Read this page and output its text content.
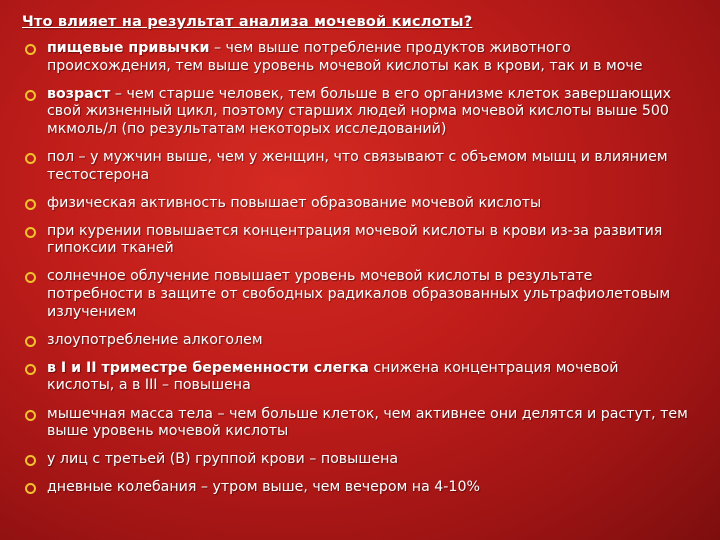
Что влияет на результат анализа мочевой кислоты?
пищевые привычки – чем выше потребление продуктов животного происхождения, тем выше уровень мочевой кислоты как в крови, так и в моче
возраст – чем старше человек, тем больше в его организме клеток завершающих свой жизненный цикл, поэтому старших людей норма мочевой кислоты выше 500 мкмоль/л (по результатам некоторых исследований)
пол – у мужчин выше, чем у женщин, что связывают с объемом мышц и влиянием тестостерона
физическая активность повышает образование мочевой кислоты
при курении повышается концентрация мочевой кислоты в крови из-за развития гипоксии тканей
солнечное облучение повышает уровень мочевой кислоты в результате потребности в защите от свободных радикалов образованных ультрафиолетовым излучением
злоупотребление алкоголем
в I и II триместре беременности слегка снижена концентрация мочевой кислоты, а в III – повышена
мышечная масса тела – чем больше клеток, чем активнее они делятся и растут, тем выше уровень мочевой кислоты
у лиц с третьей (B) группой крови – повышена
дневные колебания – утром выше, чем вечером на 4-10%
